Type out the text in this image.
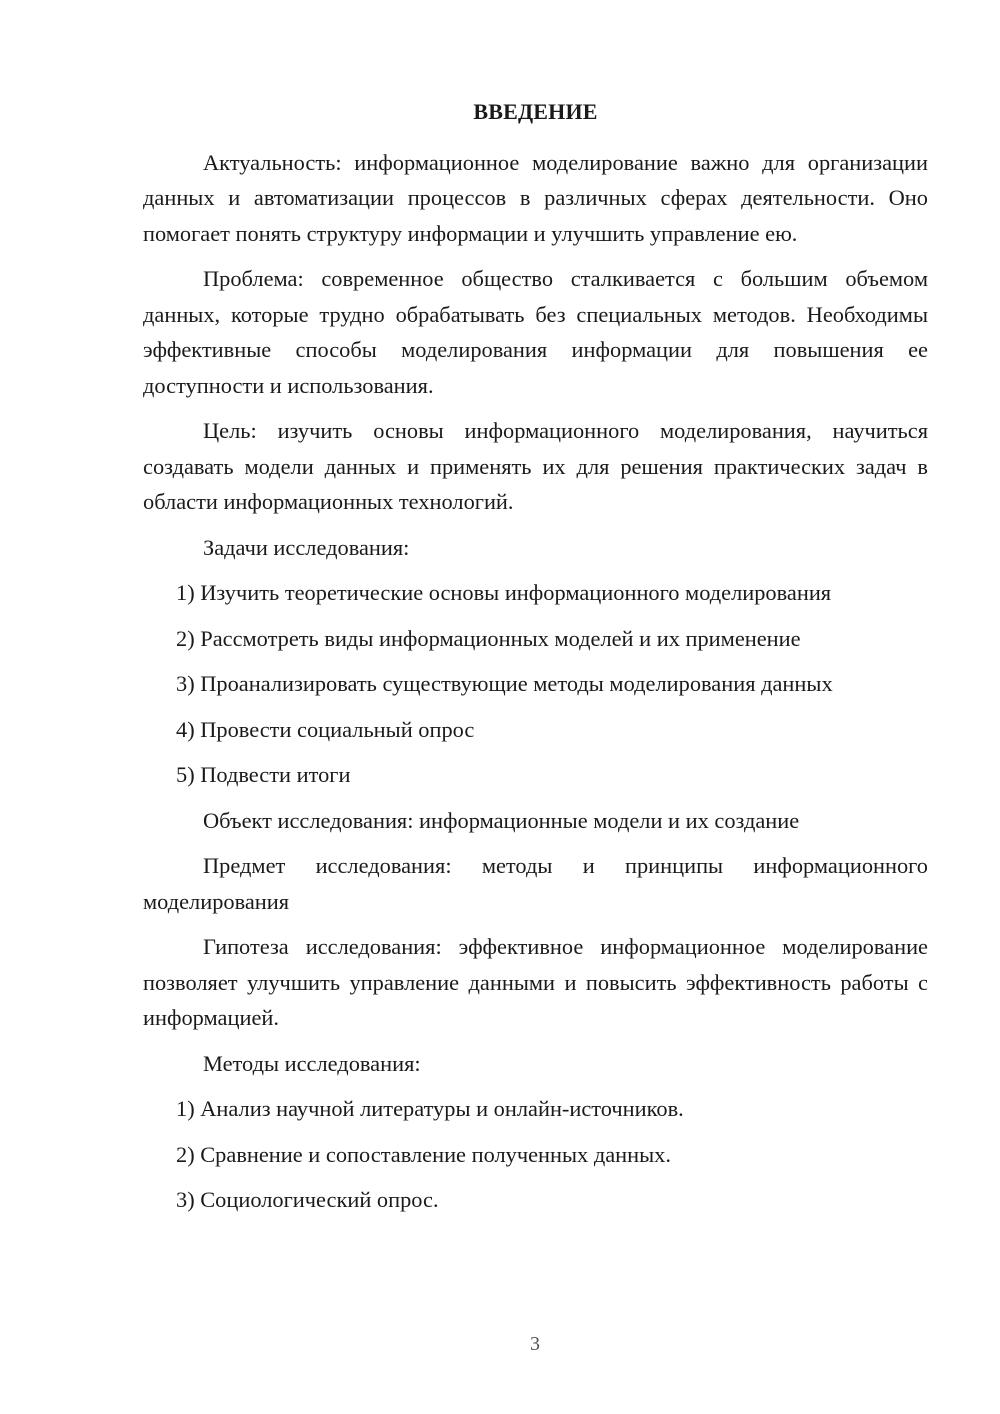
ВВЕДЕНИЕ

Актуальность: информационное моделирование важно для организации данных и автоматизации процессов в различных сферах деятельности. Оно помогает понять структуру информации и улучшить управление ею.

Проблема: современное общество сталкивается с большим объемом данных, которые трудно обрабатывать без специальных методов. Необходимы эффективные способы моделирования информации для повышения ее доступности и использования.

Цель: изучить основы информационного моделирования, научиться создавать модели данных и применять их для решения практических задач в области информационных технологий.

Задачи исследования:

1) Изучить теоретические основы информационного моделирования

2) Рассмотреть виды информационных моделей и их применение

3) Проанализировать существующие методы моделирования данных

4) Провести социальный опрос

5) Подвести итоги

Объект исследования: информационные модели и их создание

Предмет исследования: методы и принципы информационного моделирования

Гипотеза исследования: эффективное информационное моделирование позволяет улучшить управление данными и повысить эффективность работы с информацией.

Методы исследования:

1) Анализ научной литературы и онлайн-источников.

2) Сравнение и сопоставление полученных данных.

3) Социологический опрос.

3
